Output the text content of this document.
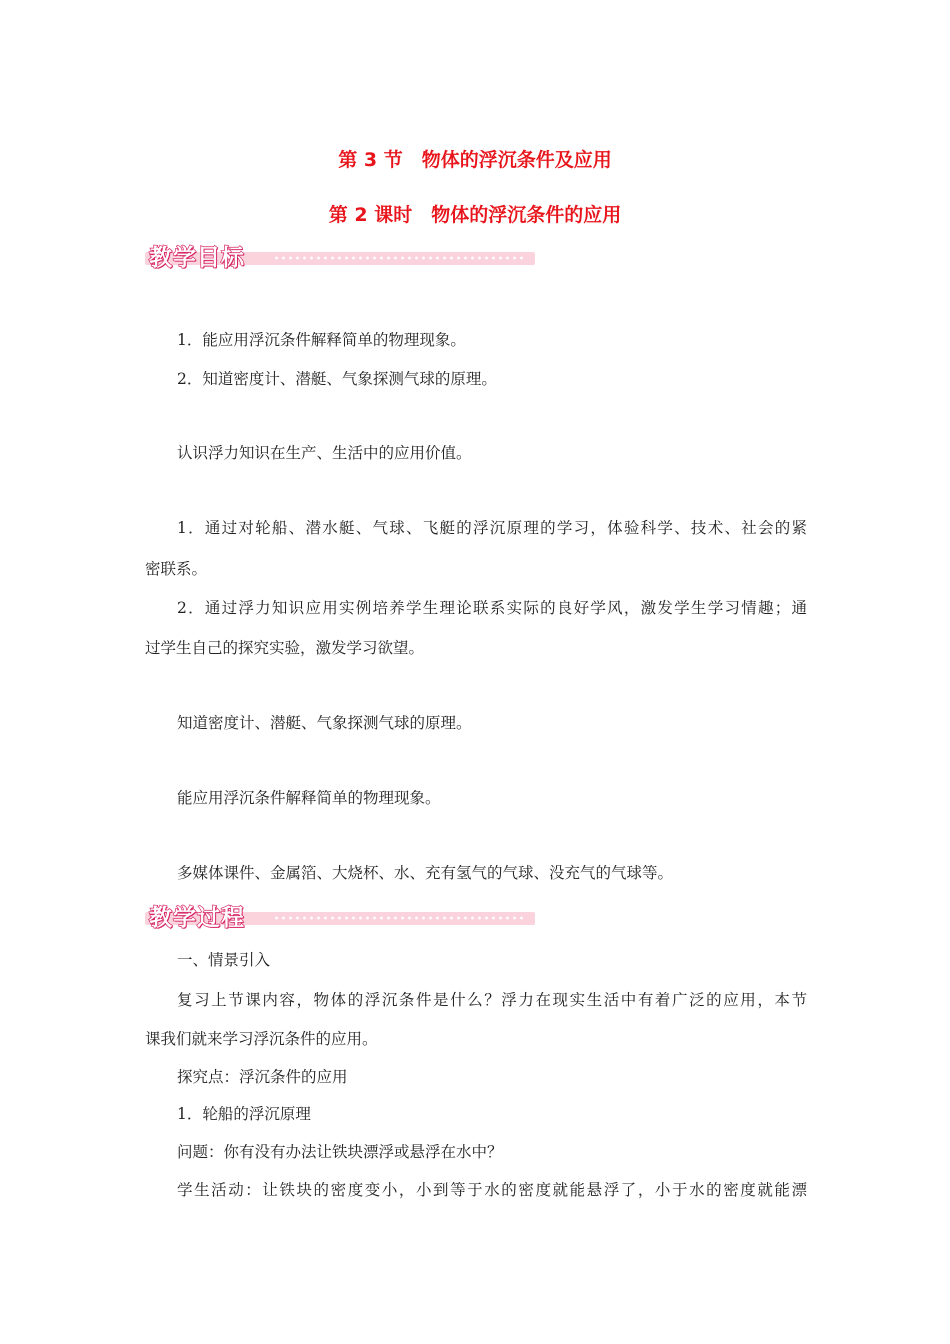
第 3 节　物体的浮沉条件及应用
第 2 课时　物体的浮沉条件的应用
教学目标
1．能应用浮沉条件解释简单的物理现象。
2．知道密度计、潜艇、气象探测气球的原理。
认识浮力知识在生产、生活中的应用价值。
1．通过对轮船、潜水艇、气球、飞艇的浮沉原理的学习，体验科学、技术、社会的紧
密联系。
2．通过浮力知识应用实例培养学生理论联系实际的良好学风，激发学生学习情趣；通
过学生自己的探究实验，激发学习欲望。
知道密度计、潜艇、气象探测气球的原理。
能应用浮沉条件解释简单的物理现象。
多媒体课件、金属箔、大烧杯、水、充有氢气的气球、没充气的气球等。
教学过程
一、情景引入
复习上节课内容，物体的浮沉条件是什么？浮力在现实生活中有着广泛的应用，本节
课我们就来学习浮沉条件的应用。
探究点：浮沉条件的应用
1．轮船的浮沉原理
问题：你有没有办法让铁块漂浮或悬浮在水中？
学生活动：让铁块的密度变小，小到等于水的密度就能悬浮了，小于水的密度就能漂
